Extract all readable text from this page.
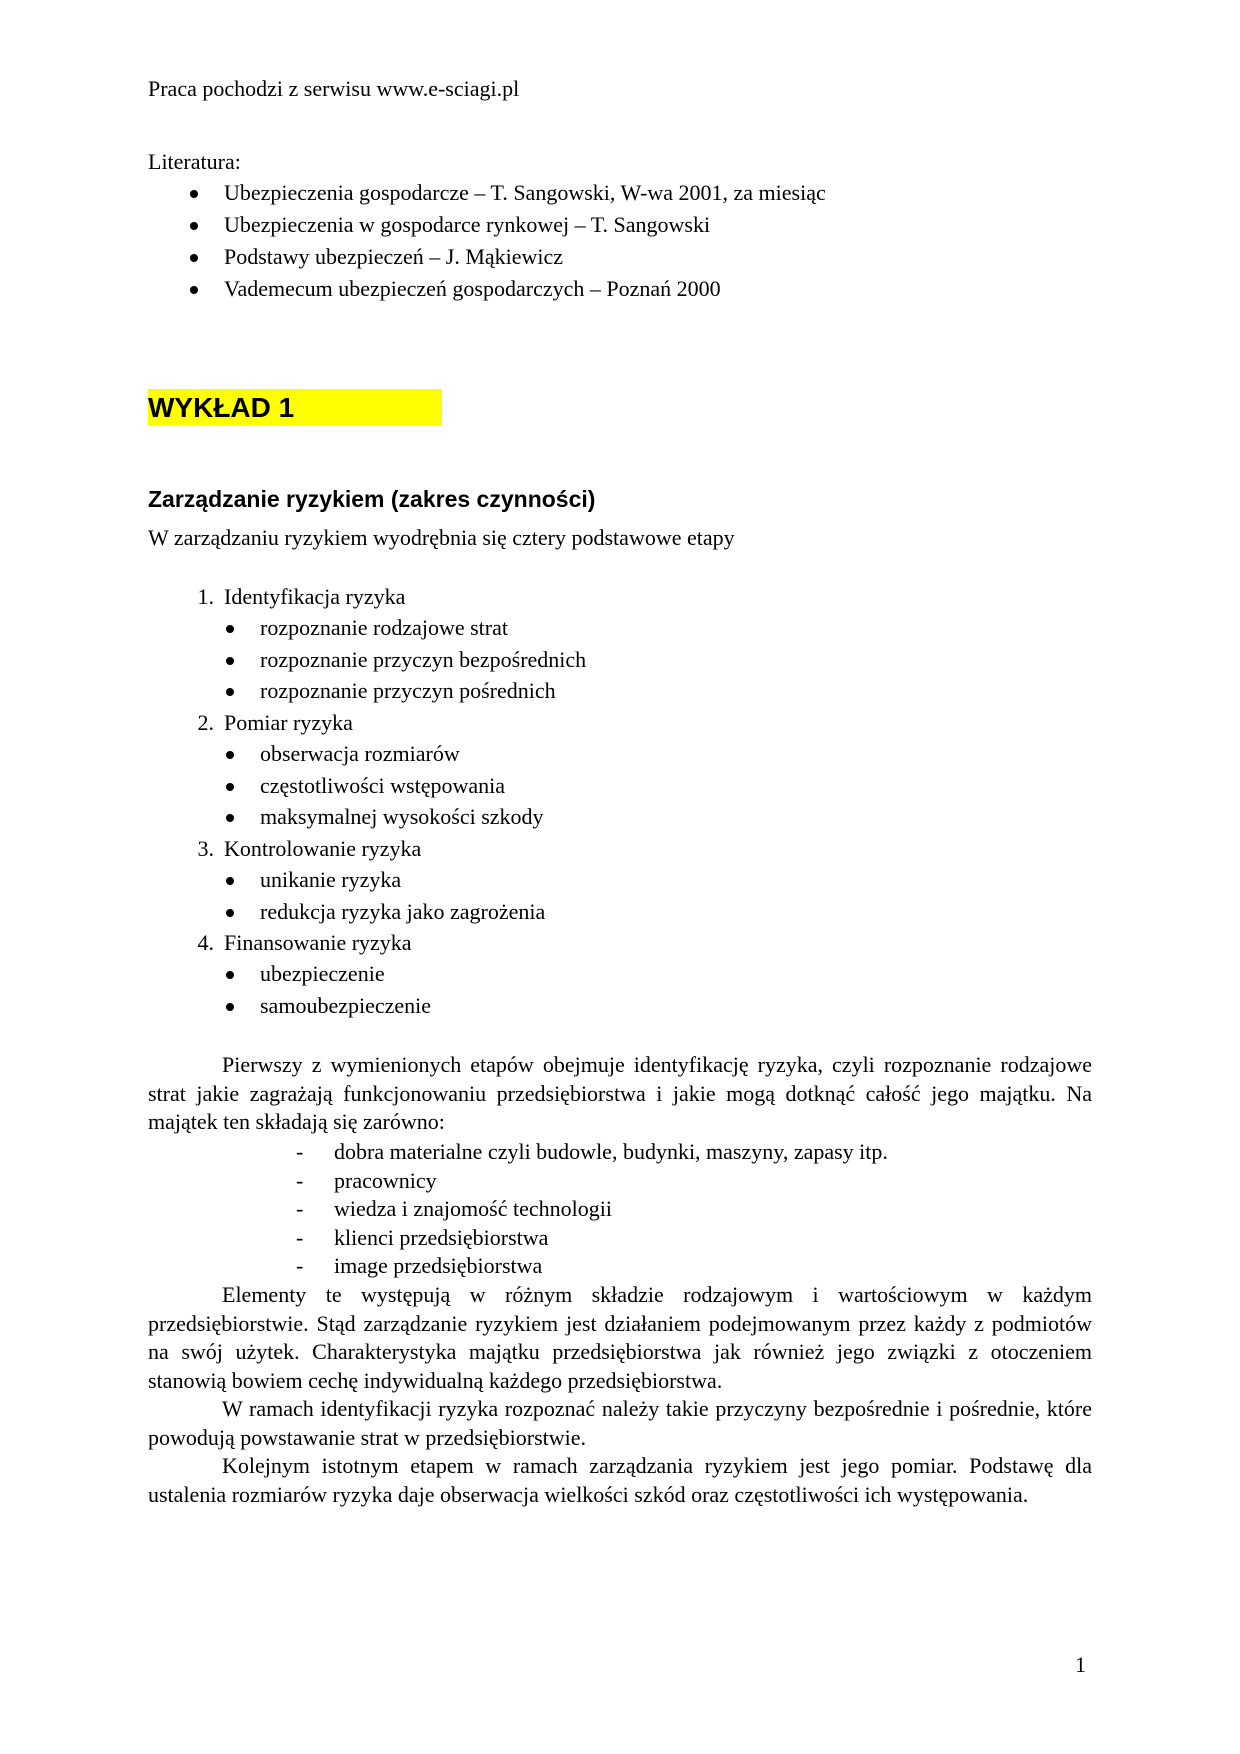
Praca pochodzi z serwisu www.e-sciagi.pl
Literatura:
Ubezpieczenia gospodarcze – T. Sangowski, W-wa 2001, za miesiąc
Ubezpieczenia w gospodarce rynkowej – T. Sangowski
Podstawy ubezpieczeń – J. Mąkiewicz
Vademecum ubezpieczeń gospodarczych – Poznań 2000
WYKŁAD 1
Zarządzanie ryzykiem (zakres czynności)
W zarządzaniu ryzykiem wyodrębnia się cztery podstawowe etapy
1. Identyfikacja ryzyka
rozpoznanie rodzajowe strat
rozpoznanie przyczyn bezpośrednich
rozpoznanie przyczyn pośrednich
2. Pomiar ryzyka
obserwacja rozmiarów
częstotliwości wstępowania
maksymalnej wysokości szkody
3. Kontrolowanie ryzyka
unikanie ryzyka
redukcja ryzyka jako zagrożenia
4. Finansowanie ryzyka
ubezpieczenie
samoubezpieczenie

Pierwszy z wymienionych etapów obejmuje identyfikację ryzyka, czyli rozpoznanie rodzajowe strat jakie zagrażają funkcjonowaniu przedsiębiorstwa i jakie mogą dotknąć całość jego majątku. Na majątek ten składają się zarówno:

- dobra materialne czyli budowle, budynki, maszyny, zapasy itp.
- pracownicy
- wiedza i znajomość technologii
- klienci przedsiębiorstwa
- image przedsiębiorstwa

Elementy te występują w różnym składzie rodzajowym i wartościowym w każdym przedsiębiorstwie. Stąd zarządzanie ryzykiem jest działaniem podejmowanym przez każdy z podmiotów na swój użytek. Charakterystyka majątku przedsiębiorstwa jak również jego związki z otoczeniem stanowią bowiem cechę indywidualną każdego przedsiębiorstwa.

W ramach identyfikacji ryzyka rozpoznać należy takie przyczyny bezpośrednie i pośrednie, które powodują powstawanie strat w przedsiębiorstwie.

Kolejnym istotnym etapem w ramach zarządzania ryzykiem jest jego pomiar. Podstawę dla ustalenia rozmiarów ryzyka daje obserwacja wielkości szkód oraz częstotliwości ich występowania.

1
